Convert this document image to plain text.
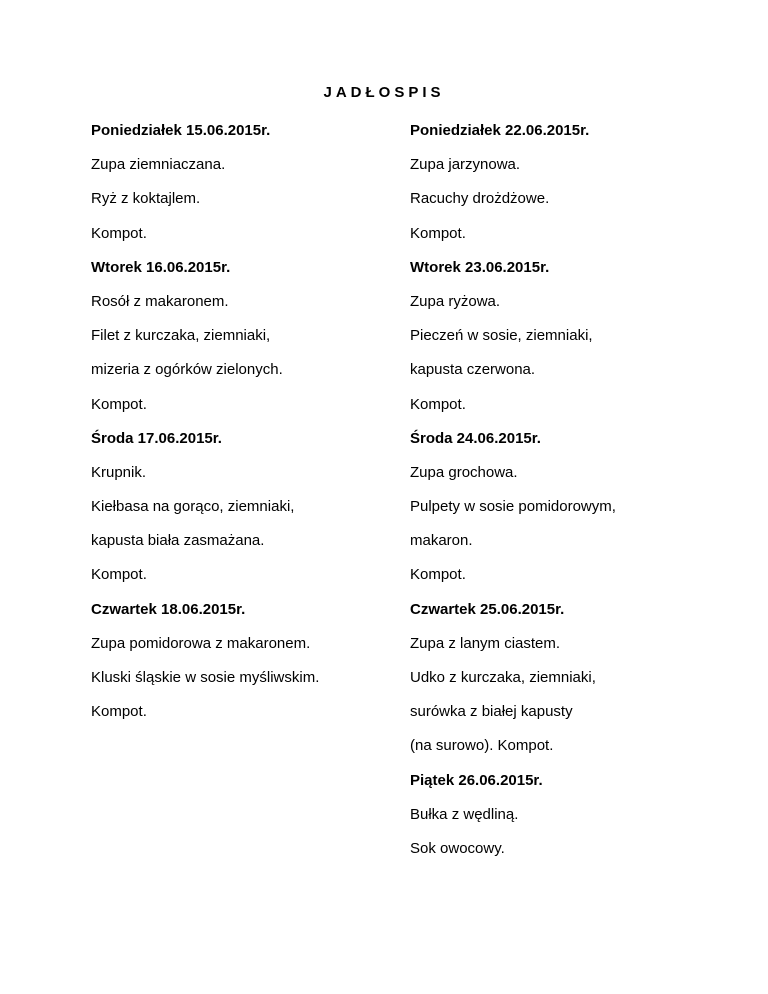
JADŁOSPIS
Poniedziałek 15.06.2015r.
Zupa ziemniaczana.
Ryż z koktajlem.
Kompot.
Wtorek 16.06.2015r.
Rosół z makaronem.
Filet z kurczaka, ziemniaki,
mizeria z ogórków zielonych.
Kompot.
Środa 17.06.2015r.
Krupnik.
Kiełbasa na gorąco, ziemniaki,
kapusta biała zasmażana.
Kompot.
Czwartek 18.06.2015r.
Zupa pomidorowa z makaronem.
Kluski śląskie w sosie myśliwskim.
Kompot.
Poniedziałek 22.06.2015r.
Zupa jarzynowa.
Racuchy drożdżowe.
Kompot.
Wtorek 23.06.2015r.
Zupa ryżowa.
Pieczeń w sosie, ziemniaki,
kapusta czerwona.
Kompot.
Środa 24.06.2015r.
Zupa grochowa.
Pulpety w sosie pomidorowym,
makaron.
Kompot.
Czwartek 25.06.2015r.
Zupa z lanym ciastem.
Udko z kurczaka, ziemniaki,
surówka z białej kapusty
(na surowo). Kompot.
Piątek 26.06.2015r.
Bułka z wędliną.
Sok owocowy.
